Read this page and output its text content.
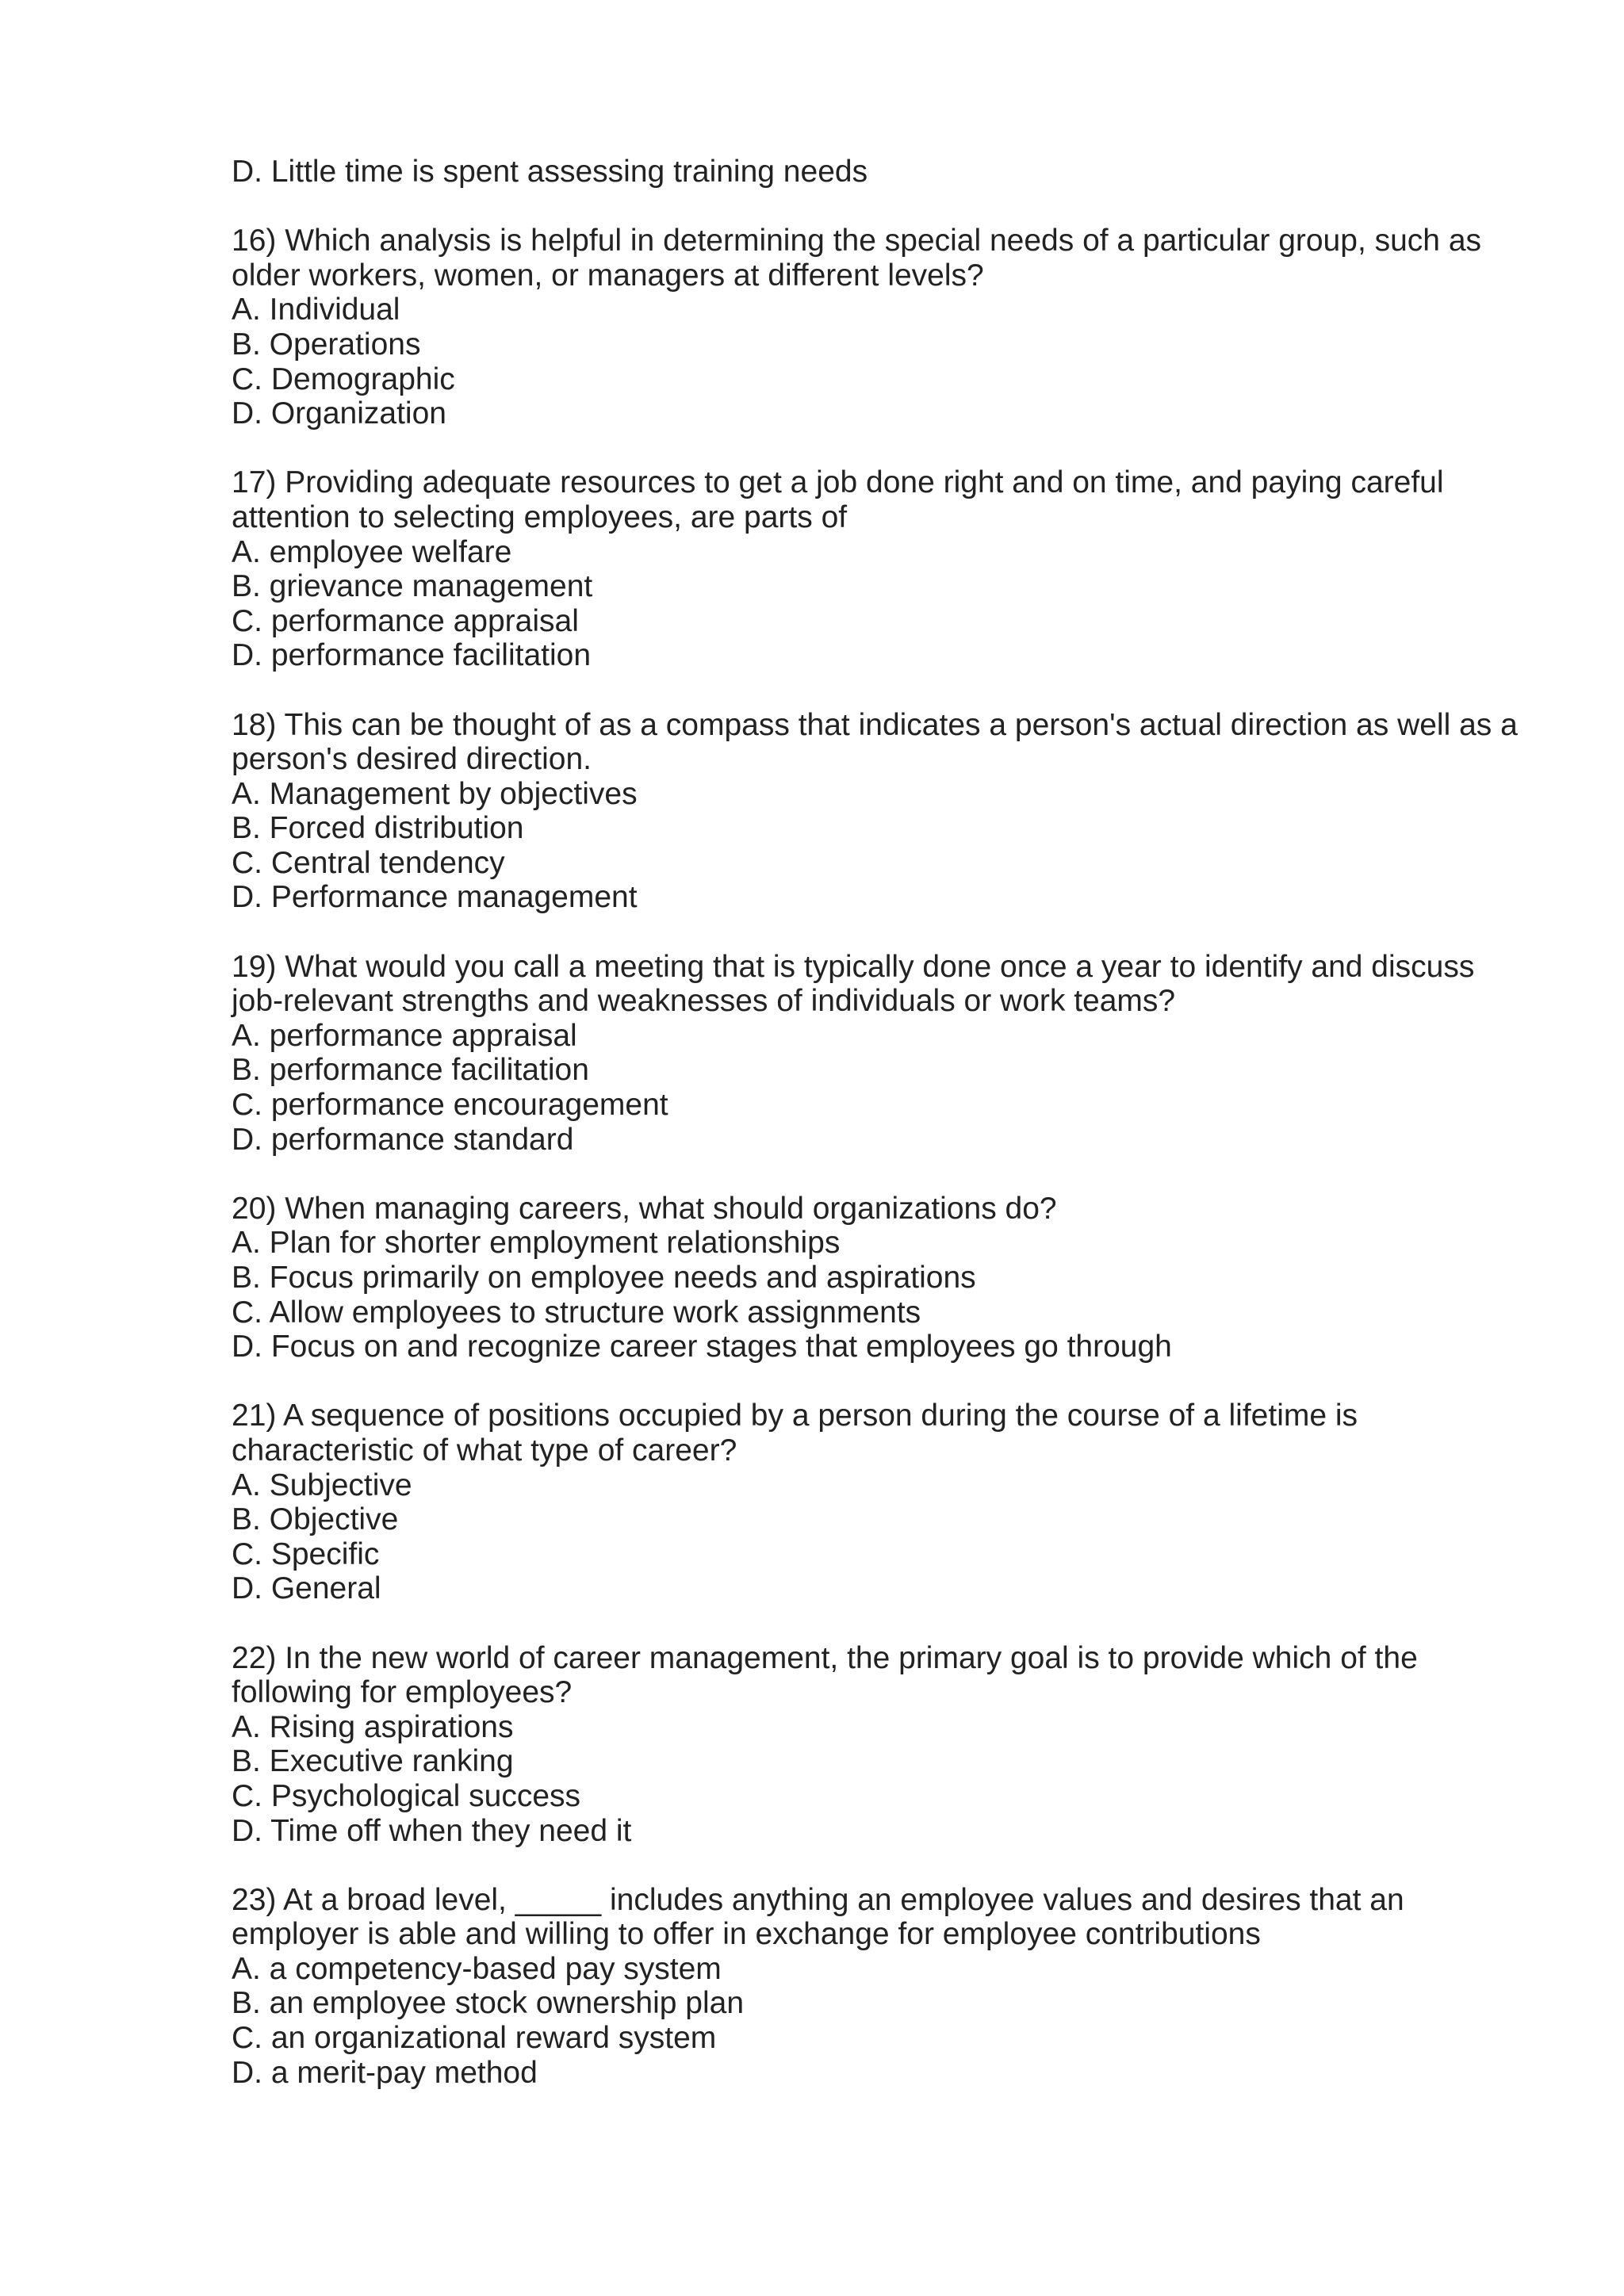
D. Little time is spent assessing training needs
16) Which analysis is helpful in determining the special needs of a particular group, such as older workers, women, or managers at different levels?
A. Individual
B. Operations
C. Demographic
D. Organization
17) Providing adequate resources to get a job done right and on time, and paying careful attention to selecting employees, are parts of
A. employee welfare
B. grievance management
C. performance appraisal
D. performance facilitation
18) This can be thought of as a compass that indicates a person's actual direction as well as a person's desired direction.
A. Management by objectives
B. Forced distribution
C. Central tendency
D. Performance management
19) What would you call a meeting that is typically done once a year to identify and discuss job-relevant strengths and weaknesses of individuals or work teams?
A. performance appraisal
B. performance facilitation
C. performance encouragement
D. performance standard
20) When managing careers, what should organizations do?
A. Plan for shorter employment relationships
B. Focus primarily on employee needs and aspirations
C. Allow employees to structure work assignments
D. Focus on and recognize career stages that employees go through
21) A sequence of positions occupied by a person during the course of a lifetime is characteristic of what type of career?
A. Subjective
B. Objective
C. Specific
D. General
22) In the new world of career management, the primary goal is to provide which of the following for employees?
A. Rising aspirations
B. Executive ranking
C. Psychological success
D. Time off when they need it
23) At a broad level, _____ includes anything an employee values and desires that an employer is able and willing to offer in exchange for employee contributions
A. a competency-based pay system
B. an employee stock ownership plan
C. an organizational reward system
D. a merit-pay method
